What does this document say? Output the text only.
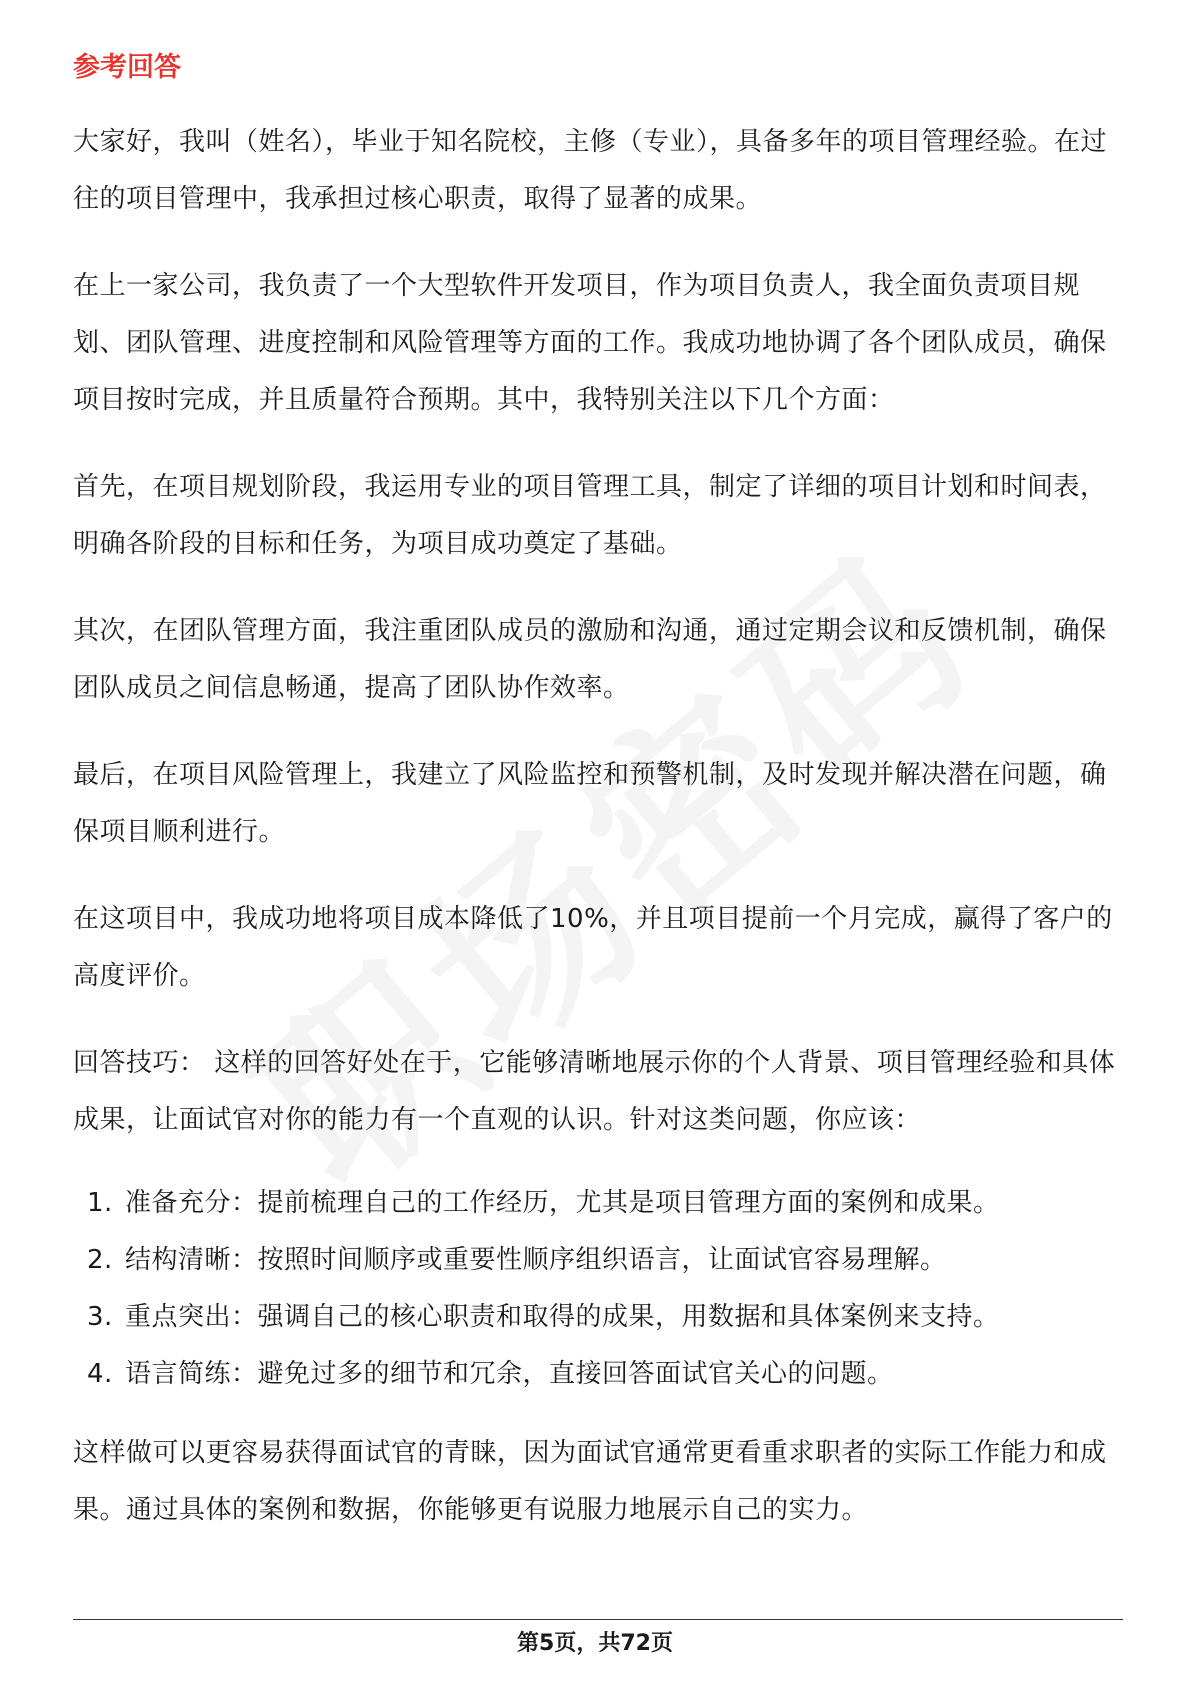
参考回答

大家好，我叫（姓名），毕业于知名院校，主修（专业），具备多年的项目管理经验。在过往的项目管理中，我承担过核心职责，取得了显著的成果。

在上一家公司，我负责了一个大型软件开发项目，作为项目负责人，我全面负责项目规划、团队管理、进度控制和风险管理等方面的工作。我成功地协调了各个团队成员，确保项目按时完成，并且质量符合预期。其中，我特别关注以下几个方面：

首先，在项目规划阶段，我运用专业的项目管理工具，制定了详细的项目计划和时间表，明确各阶段的目标和任务，为项目成功奠定了基础。

其次，在团队管理方面，我注重团队成员的激励和沟通，通过定期会议和反馈机制，确保团队成员之间信息畅通，提高了团队协作效率。

最后，在项目风险管理上，我建立了风险监控和预警机制，及时发现并解决潜在问题，确保项目顺利进行。

在这项目中，我成功地将项目成本降低了10%，并且项目提前一个月完成，赢得了客户的高度评价。

回答技巧： 这样的回答好处在于，它能够清晰地展示你的个人背景、项目管理经验和具体成果，让面试官对你的能力有一个直观的认识。针对这类问题，你应该：

1. 准备充分：提前梳理自己的工作经历，尤其是项目管理方面的案例和成果。
2. 结构清晰：按照时间顺序或重要性顺序组织语言，让面试官容易理解。
3. 重点突出：强调自己的核心职责和取得的成果，用数据和具体案例来支持。
4. 语言简练：避免过多的细节和冗余，直接回答面试官关心的问题。

这样做可以更容易获得面试官的青睐，因为面试官通常更看重求职者的实际工作能力和成果。通过具体的案例和数据，你能够更有说服力地展示自己的实力。

第5页，共72页
